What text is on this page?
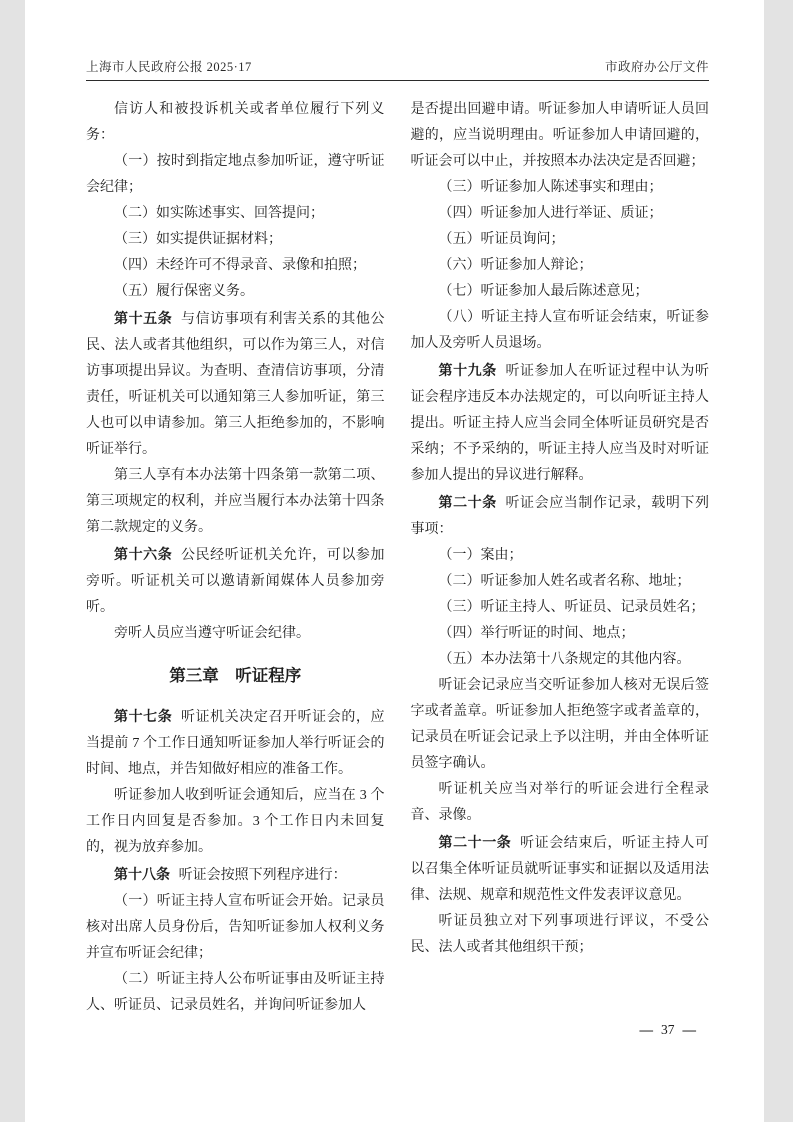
上海市人民政府公报 2025·17	市政府办公厅文件

信访人和被投诉机关或者单位履行下列义务：

（一）按时到指定地点参加听证，遵守听证会纪律；

（二）如实陈述事实、回答提问；

（三）如实提供证据材料；

（四）未经许可不得录音、录像和拍照；

（五）履行保密义务。

第十五条 与信访事项有利害关系的其他公民、法人或者其他组织，可以作为第三人，对信访事项提出异议。为查明、查清信访事项，分清责任，听证机关可以通知第三人参加听证，第三人也可以申请参加。第三人拒绝参加的，不影响听证举行。

第三人享有本办法第十四条第一款第二项、第三项规定的权利，并应当履行本办法第十四条第二款规定的义务。

第十六条 公民经听证机关允许，可以参加旁听。听证机关可以邀请新闻媒体人员参加旁听。

旁听人员应当遵守听证会纪律。

第三章　听证程序

第十七条 听证机关决定召开听证会的，应当提前 7 个工作日通知听证参加人举行听证会的时间、地点，并告知做好相应的准备工作。

听证参加人收到听证会通知后，应当在 3 个工作日内回复是否参加。3 个工作日内未回复的，视为放弃参加。

第十八条 听证会按照下列程序进行：

（一）听证主持人宣布听证会开始。记录员核对出席人员身份后，告知听证参加人权利义务并宣布听证会纪律；

（二）听证主持人公布听证事由及听证主持人、听证员、记录员姓名，并询问听证参加人

是否提出回避申请。听证参加人申请听证人员回避的，应当说明理由。听证参加人申请回避的，听证会可以中止，并按照本办法决定是否回避；

（三）听证参加人陈述事实和理由；

（四）听证参加人进行举证、质证；

（五）听证员询问；

（六）听证参加人辩论；

（七）听证参加人最后陈述意见；

（八）听证主持人宣布听证会结束，听证参加人及旁听人员退场。

第十九条 听证参加人在听证过程中认为听证会程序违反本办法规定的，可以向听证主持人提出。听证主持人应当会同全体听证员研究是否采纳；不予采纳的，听证主持人应当及时对听证参加人提出的异议进行解释。

第二十条 听证会应当制作记录，载明下列事项：

（一）案由；

（二）听证参加人姓名或者名称、地址；

（三）听证主持人、听证员、记录员姓名；

（四）举行听证的时间、地点；

（五）本办法第十八条规定的其他内容。

听证会记录应当交听证参加人核对无误后签字或者盖章。听证参加人拒绝签字或者盖章的，记录员在听证会记录上予以注明，并由全体听证员签字确认。

听证机关应当对举行的听证会进行全程录音、录像。

第二十一条 听证会结束后，听证主持人可以召集全体听证员就听证事实和证据以及适用法律、法规、规章和规范性文件发表评议意见。

听证员独立对下列事项进行评议，不受公民、法人或者其他组织干预；

— 37 —
